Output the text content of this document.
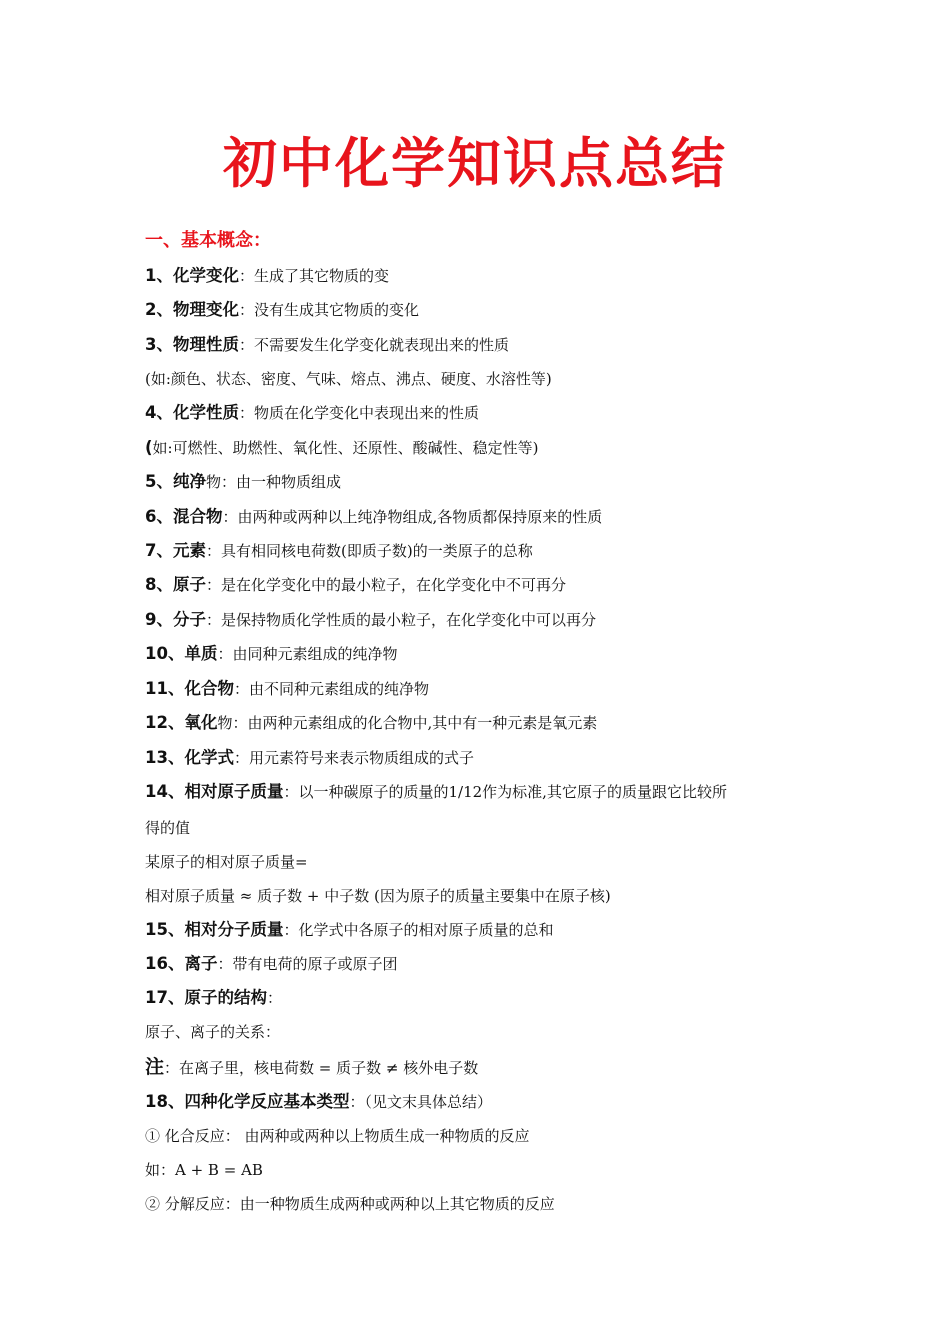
初中化学知识点总结
一、基本概念：
1、化学变化：生成了其它物质的变
2、物理变化：没有生成其它物质的变化
3、物理性质：不需要发生化学变化就表现出来的性质
(如:颜色、状态、密度、气味、熔点、沸点、硬度、水溶性等)
4、化学性质：物质在化学变化中表现出来的性质
(如:可燃性、助燃性、氧化性、还原性、酸碱性、稳定性等)
5、纯净物：由一种物质组成
6、混合物：由两种或两种以上纯净物组成,各物质都保持原来的性质
7、元素：具有相同核电荷数(即质子数)的一类原子的总称
8、原子：是在化学变化中的最小粒子，在化学变化中不可再分
9、分子：是保持物质化学性质的最小粒子，在化学变化中可以再分
10、单质：由同种元素组成的纯净物
11、化合物：由不同种元素组成的纯净物
12、氧化物：由两种元素组成的化合物中,其中有一种元素是氧元素
13、化学式：用元素符号来表示物质组成的式子
14、相对原子质量：以一种碳原子的质量的1/12作为标准,其它原子的质量跟它比较所
得的值
某原子的相对原子质量=
相对原子质量 ≈ 质子数 + 中子数 (因为原子的质量主要集中在原子核)
15、相对分子质量：化学式中各原子的相对原子质量的总和
16、离子：带有电荷的原子或原子团
17、原子的结构：
原子、离子的关系：
注：在离子里，核电荷数 = 质子数 ≠ 核外电子数
18、四种化学反应基本类型：（见文末具体总结）
① 化合反应： 由两种或两种以上物质生成一种物质的反应
如：A + B = AB
② 分解反应：由一种物质生成两种或两种以上其它物质的反应
